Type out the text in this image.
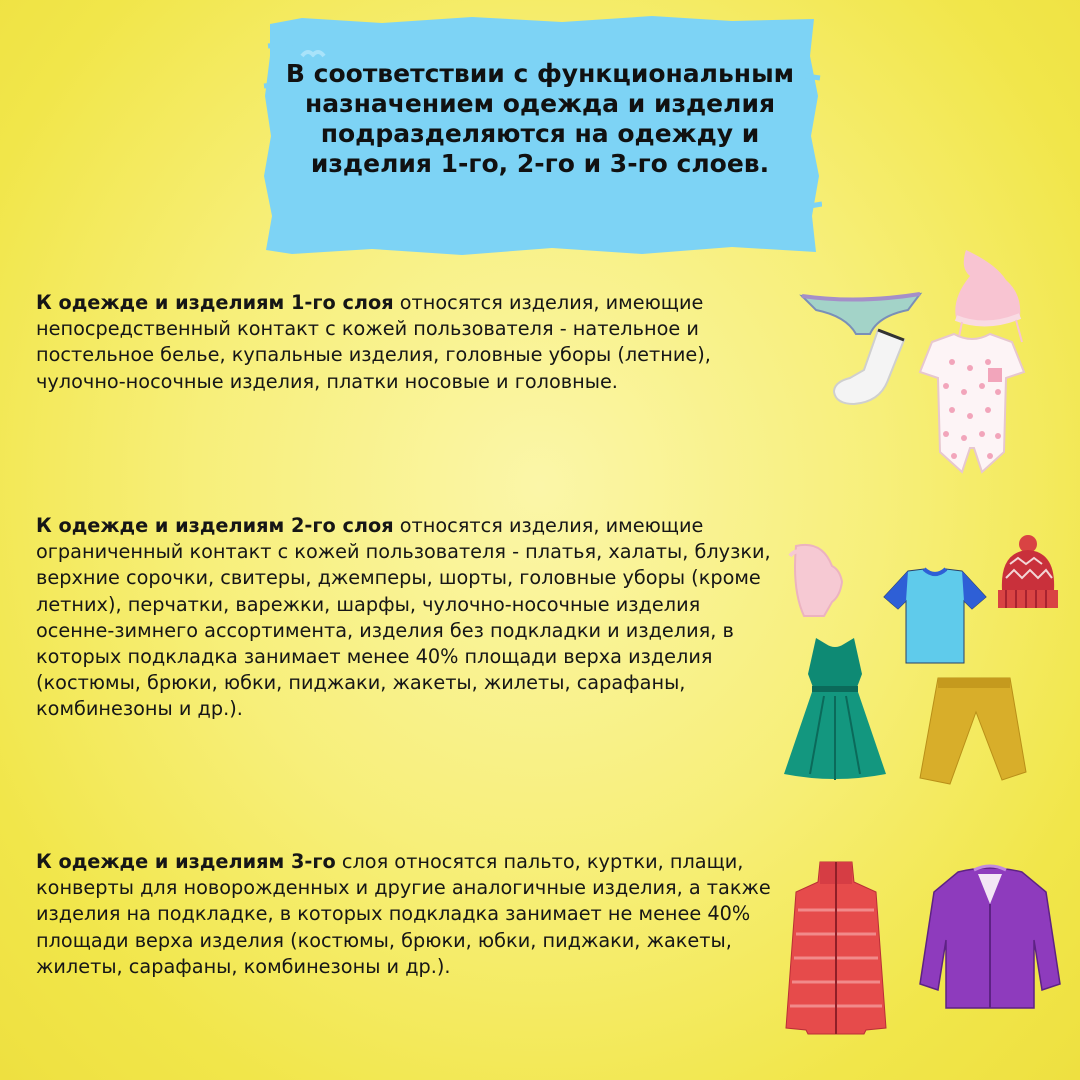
В соответствии с функциональным назначением одежда и изделия подразделяются на одежду и изделия 1-го, 2-го и 3-го слоев.

К одежде и изделиям 1-го слоя относятся изделия, имеющие непосредственный контакт с кожей пользователя - нательное и постельное белье, купальные изделия, головные уборы (летние), чулочно-носочные изделия, платки носовые и головные.

К одежде и изделиям 2-го слоя относятся изделия, имеющие ограниченный контакт с кожей пользователя - платья, халаты, блузки, верхние сорочки, свитеры, джемперы, шорты, головные уборы (кроме летних), перчатки, варежки, шарфы, чулочно-носочные изделия осенне-зимнего ассортимента, изделия без подкладки и изделия, в которых подкладка занимает менее 40% площади верха изделия (костюмы, брюки, юбки, пиджаки, жакеты, жилеты, сарафаны, комбинезоны и др.).

К одежде и изделиям 3-го слоя относятся пальто, куртки, плащи, конверты для новорожденных и другие аналогичные изделия, а также изделия на подкладке, в которых подкладка занимает не менее 40% площади верха изделия (костюмы, брюки, юбки, пиджаки, жакеты, жилеты, сарафаны, комбинезоны и др.).
